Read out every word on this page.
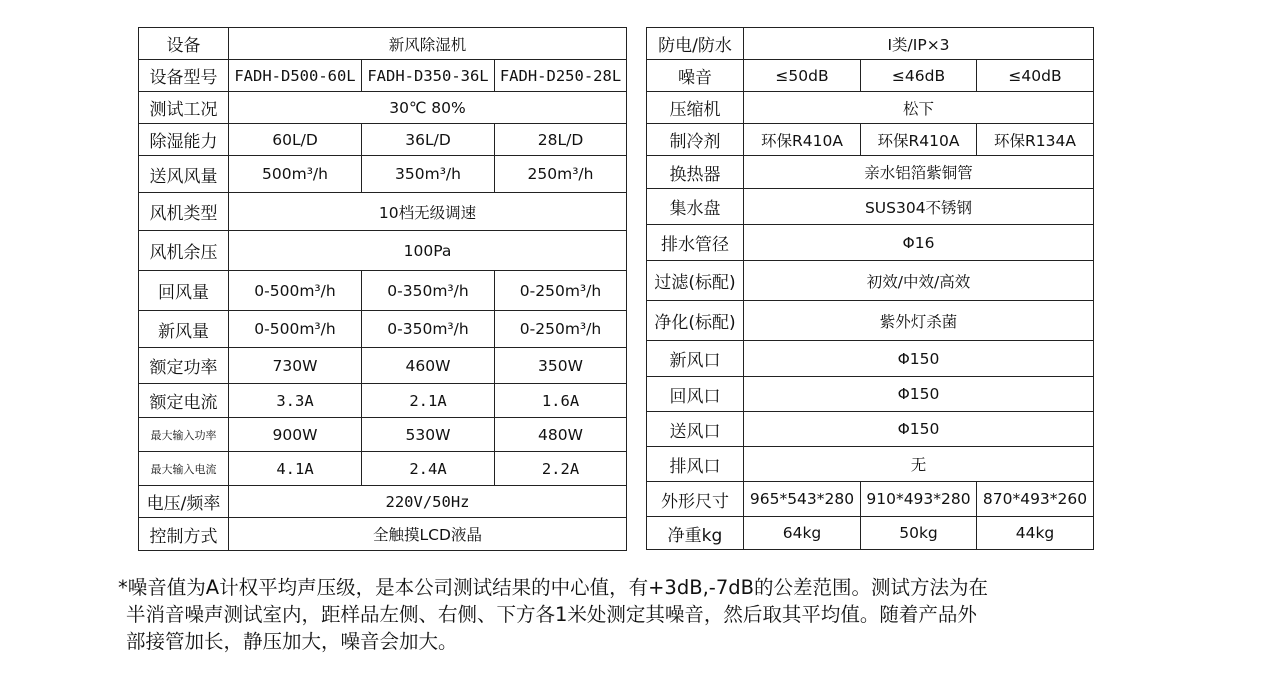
设备	新风除湿机		
设备型号	FADH-D500-60L	FADH-D350-36L	FADH-D250-28L
测试工况	30℃ 80%		
除湿能力	60L/D	36L/D	28L/D
送风风量	500m³/h	350m³/h	250m³/h
风机类型	10档无级调速		
风机余压	100Pa		
回风量	0-500m³/h	0-350m³/h	0-250m³/h
新风量	0-500m³/h	0-350m³/h	0-250m³/h
额定功率	730W	460W	350W
额定电流	3.3A	2.1A	1.6A
最大输入功率	900W	530W	480W
最大输入电流	4.1A	2.4A	2.2A
电压/频率	220V/50Hz		
控制方式	全触摸LCD液晶		
防电/防水	I类/IP×3		
噪音	≤50dB	≤46dB	≤40dB
压缩机	松下		
制冷剂	环保R410A	环保R410A	环保R134A
换热器	亲水铝箔紫铜管		
集水盘	SUS304不锈钢		
排水管径	Φ16		
过滤(标配)	初效/中效/高效		
净化(标配)	紫外灯杀菌		
新风口	Φ150		
回风口	Φ150		
送风口	Φ150		
排风口	无		
外形尺寸	965*543*280	910*493*280	870*493*260
净重kg	64kg	50kg	44kg
*噪音值为A计权平均声压级，是本公司测试结果的中心值，有+3dB,-7dB的公差范围。测试方法为在
半消音噪声测试室内，距样品左侧、右侧、下方各1米处测定其噪音，然后取其平均值。随着产品外
部接管加长，静压加大，噪音会加大。
